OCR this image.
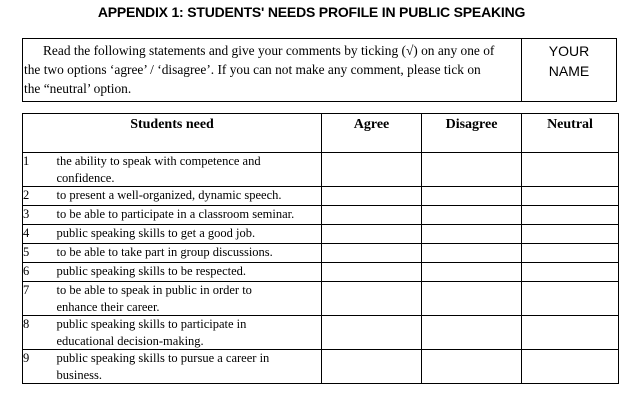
APPENDIX 1: STUDENTS' NEEDS PROFILE IN PUBLIC SPEAKING
Read the following statements and give your comments by ticking (√) on any one of
the two options ‘agree’ / ‘disagree’. If you can not make any comment, please tick on
the “neutral’ option.

YOUR
NAME
Students need		Agree	Disagree	Neutral
1	the ability to speak with competence and
confidence.			
2	to present a well-organized, dynamic speech.			
3	to be able to participate in a classroom seminar.			
4	public speaking skills to get a good job.			
5	to be able to take part in group discussions.			
6	public speaking skills to be respected.			
7	to be able to speak in public in order to
enhance their career.			
8	public speaking skills to participate in
educational decision-making.			
9	public speaking skills to pursue a career in
business.			
